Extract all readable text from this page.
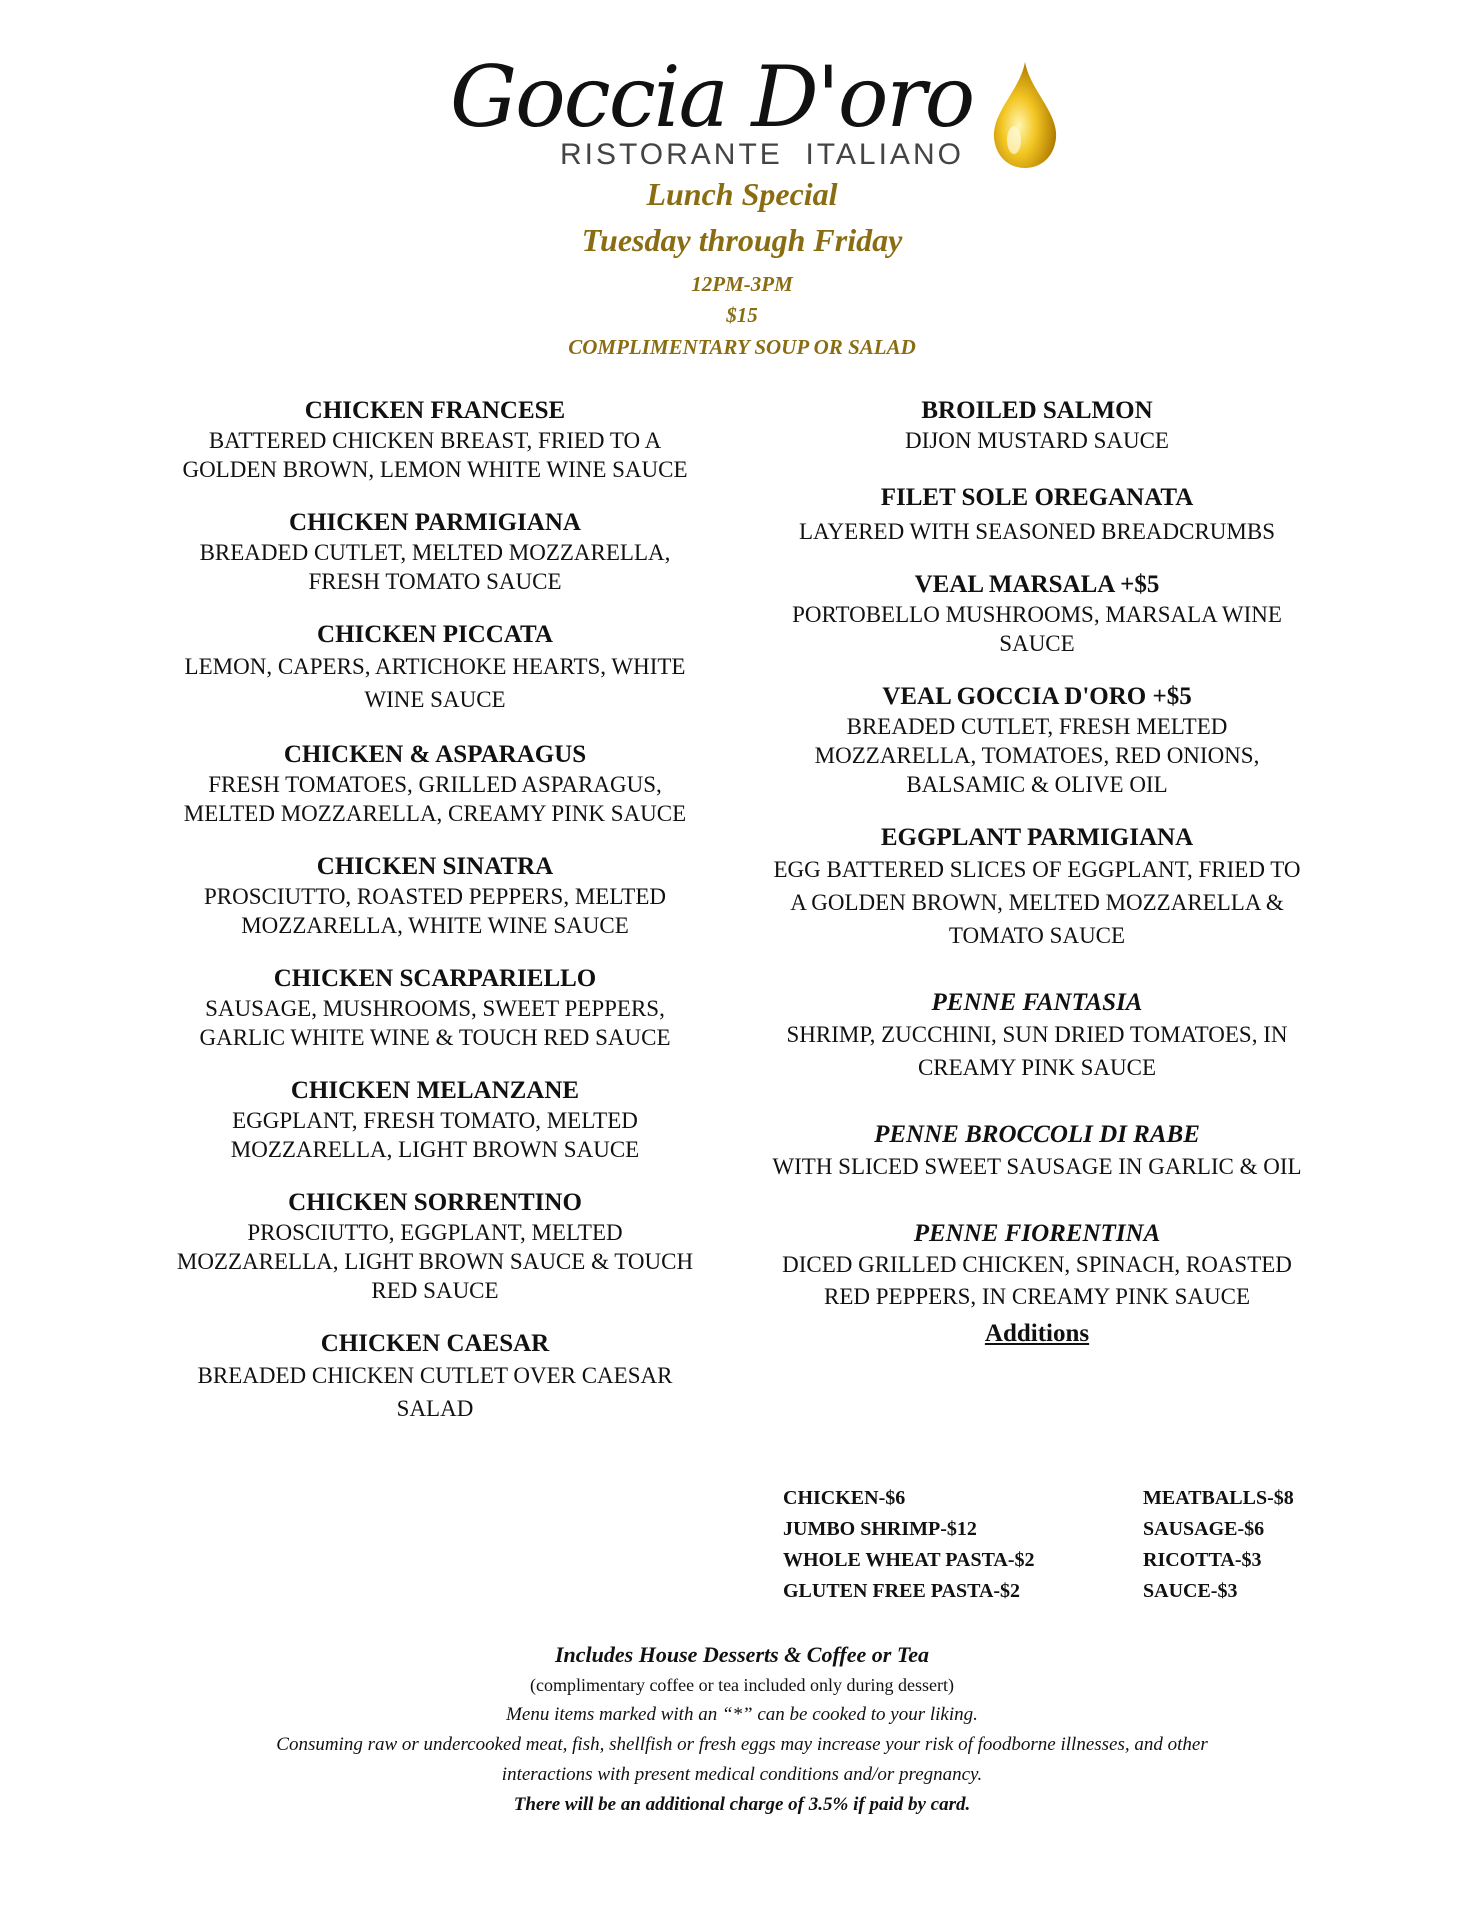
Goccia D'oro
RISTORANTE  ITALIANO
Lunch Special
Tuesday through Friday
12PM-3PM
$15
COMPLIMENTARY SOUP OR SALAD
CHICKEN FRANCESE
BATTERED CHICKEN BREAST, FRIED TO A GOLDEN BROWN, LEMON WHITE WINE SAUCE
CHICKEN PARMIGIANA
BREADED CUTLET, MELTED MOZZARELLA, FRESH TOMATO SAUCE
CHICKEN PICCATA
LEMON, CAPERS, ARTICHOKE HEARTS, WHITE WINE SAUCE
CHICKEN & ASPARAGUS
FRESH TOMATOES, GRILLED ASPARAGUS, MELTED MOZZARELLA, CREAMY PINK SAUCE
CHICKEN SINATRA
PROSCIUTTO, ROASTED PEPPERS, MELTED MOZZARELLA, WHITE WINE SAUCE
CHICKEN SCARPARIELLO
SAUSAGE, MUSHROOMS, SWEET PEPPERS, GARLIC WHITE WINE & TOUCH RED SAUCE
CHICKEN MELANZANE
EGGPLANT, FRESH TOMATO, MELTED MOZZARELLA, LIGHT BROWN SAUCE
CHICKEN SORRENTINO
PROSCIUTTO, EGGPLANT, MELTED MOZZARELLA, LIGHT BROWN SAUCE & TOUCH RED SAUCE
CHICKEN CAESAR
BREADED CHICKEN CUTLET OVER CAESAR SALAD
BROILED SALMON
DIJON MUSTARD SAUCE
FILET SOLE OREGANATA
LAYERED WITH SEASONED BREADCRUMBS
VEAL MARSALA +$5
PORTOBELLO MUSHROOMS, MARSALA WINE SAUCE
VEAL GOCCIA D'ORO +$5
BREADED CUTLET, FRESH MELTED MOZZARELLA, TOMATOES, RED ONIONS, BALSAMIC & OLIVE OIL
EGGPLANT PARMIGIANA
EGG BATTERED SLICES OF EGGPLANT, FRIED TO A GOLDEN BROWN, MELTED MOZZARELLA & TOMATO SAUCE
PENNE FANTASIA
SHRIMP, ZUCCHINI, SUN DRIED TOMATOES, IN CREAMY PINK SAUCE
PENNE BROCCOLI DI RABE
WITH SLICED SWEET SAUSAGE IN GARLIC & OIL
PENNE FIORENTINA
DICED GRILLED CHICKEN, SPINACH, ROASTED RED PEPPERS, IN CREAMY PINK SAUCE
Additions
CHICKEN-$6	MEATBALLS-$8
JUMBO SHRIMP-$12	SAUSAGE-$6
WHOLE WHEAT PASTA-$2	RICOTTA-$3
GLUTEN FREE PASTA-$2	SAUCE-$3
Includes House Desserts & Coffee or Tea
(complimentary coffee or tea included only during dessert)
Menu items marked with an “*” can be cooked to your liking.
Consuming raw or undercooked meat, fish, shellfish or fresh eggs may increase your risk of foodborne illnesses, and other
interactions with present medical conditions and/or pregnancy.
There will be an additional charge of 3.5% if paid by card.
